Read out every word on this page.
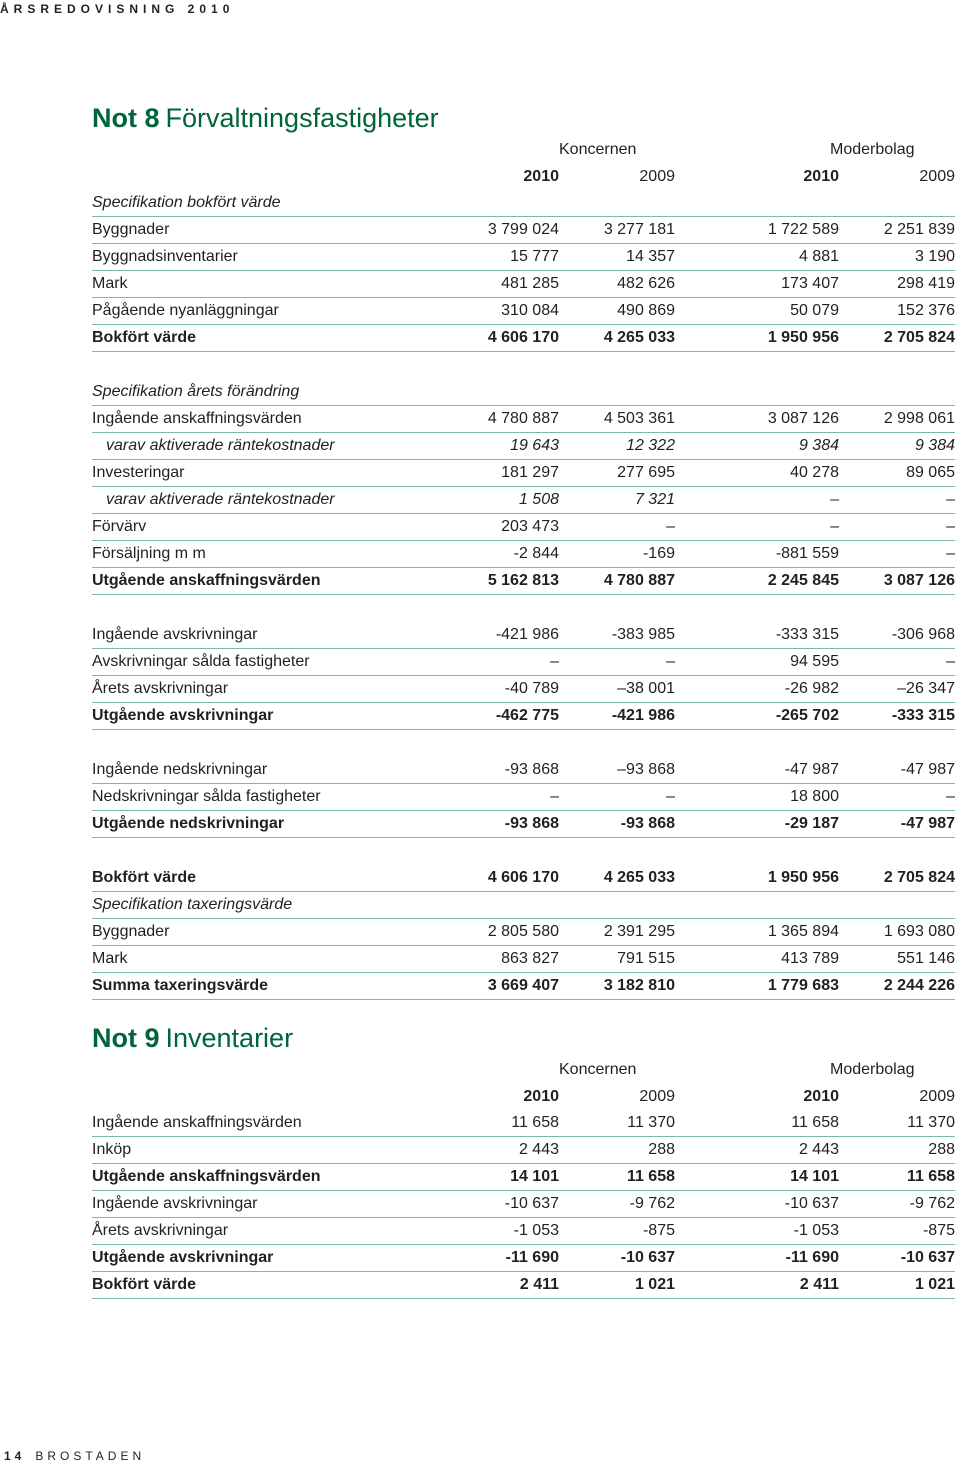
ÅRSREDOVISNING 2010
Not 8 Förvaltningsfastigheter
Koncernen	Moderbolag
2010	2009	2010	2009
Specifikation bokfört värde
Byggnader	3 799 024	3 277 181	1 722 589	2 251 839
Byggnadsinventarier	15 777	14 357	4 881	3 190
Mark	481 285	482 626	173 407	298 419
Pågående nyanläggningar	310 084	490 869	50 079	152 376
Bokfört värde	4 606 170	4 265 033	1 950 956	2 705 824
Specifikation årets förändring
Ingående anskaffningsvärden	4 780 887	4 503 361	3 087 126	2 998 061
varav aktiverade räntekostnader	19 643	12 322	9 384	9 384
Investeringar	181 297	277 695	40 278	89 065
varav aktiverade räntekostnader	1 508	7 321	–	–
Förvärv	203 473	–	–	–
Försäljning m m	-2 844	-169	-881 559	–
Utgående anskaffningsvärden	5 162 813	4 780 887	2 245 845	3 087 126
Ingående avskrivningar	-421 986	-383 985	-333 315	-306 968
Avskrivningar sålda fastigheter	–	–	94 595	–
Årets avskrivningar	-40 789	–38 001	-26 982	–26 347
Utgående avskrivningar	-462 775	-421 986	-265 702	-333 315
Ingående nedskrivningar	-93 868	–93 868	-47 987	-47 987
Nedskrivningar sålda fastigheter	–	–	18 800	–
Utgående nedskrivningar	-93 868	-93 868	-29 187	-47 987
Bokfört värde	4 606 170	4 265 033	1 950 956	2 705 824
Specifikation taxeringsvärde
Byggnader	2 805 580	2 391 295	1 365 894	1 693 080
Mark	863 827	791 515	413 789	551 146
Summa taxeringsvärde	3 669 407	3 182 810	1 779 683	2 244 226
Not 9 Inventarier
Koncernen	Moderbolag
2010	2009	2010	2009
Ingående anskaffningsvärden	11 658	11 370	11 658	11 370
Inköp	2 443	288	2 443	288
Utgående anskaffningsvärden	14 101	11 658	14 101	11 658
Ingående avskrivningar	-10 637	-9 762	-10 637	-9 762
Årets avskrivningar	-1 053	-875	-1 053	-875
Utgående avskrivningar	-11 690	-10 637	-11 690	-10 637
Bokfört värde	2 411	1 021	2 411	1 021
14 BROSTADEN
